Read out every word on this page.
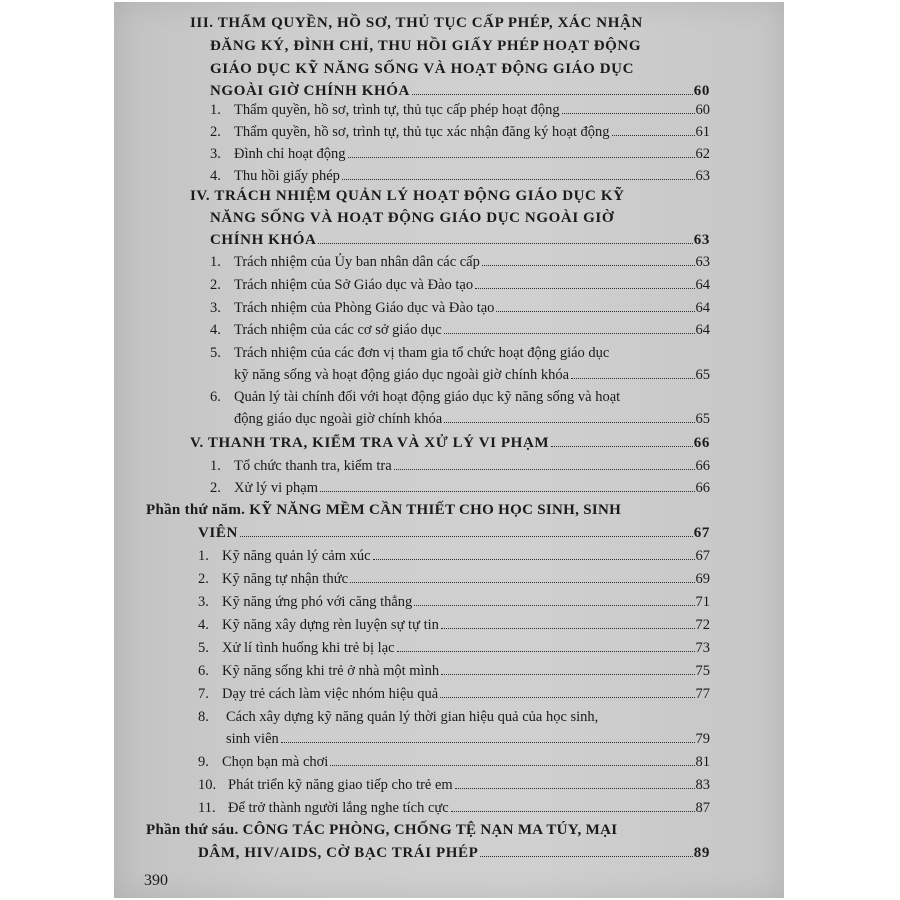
III. THẨM QUYỀN, HỒ SƠ, THỦ TỤC CẤP PHÉP, XÁC NHẬN
ĐĂNG KÝ, ĐÌNH CHỈ, THU HỒI GIẤY PHÉP HOẠT ĐỘNG
GIÁO DỤC KỸ NĂNG SỐNG VÀ HOẠT ĐỘNG GIÁO DỤC
NGOÀI GIỜ CHÍNH KHÓA	60
1. Thẩm quyền, hồ sơ, trình tự, thủ tục cấp phép hoạt động	60
2. Thẩm quyền, hồ sơ, trình tự, thủ tục xác nhận đăng ký hoạt động	61
3. Đình chỉ hoạt động	62
4. Thu hồi giấy phép	63
IV. TRÁCH NHIỆM QUẢN LÝ HOẠT ĐỘNG GIÁO DỤC KỸ
NĂNG SỐNG VÀ HOẠT ĐỘNG GIÁO DỤC NGOÀI GIỜ
CHÍNH KHÓA	63
1. Trách nhiệm của Ủy ban nhân dân các cấp	63
2. Trách nhiệm của Sở Giáo dục và Đào tạo	64
3. Trách nhiệm của Phòng Giáo dục và Đào tạo	64
4. Trách nhiệm của các cơ sở giáo dục	64
5. Trách nhiệm của các đơn vị tham gia tổ chức hoạt động giáo dục
kỹ năng sống và hoạt động giáo dục ngoài giờ chính khóa	65
6. Quản lý tài chính đối với hoạt động giáo dục kỹ năng sống và hoạt
động giáo dục ngoài giờ chính khóa	65
V. THANH TRA, KIỂM TRA VÀ XỬ LÝ VI PHẠM	66
1. Tổ chức thanh tra, kiểm tra	66
2. Xử lý vi phạm	66
Phần thứ năm. KỸ NĂNG MỀM CẦN THIẾT CHO HỌC SINH, SINH
VIÊN	67
1. Kỹ năng quản lý cảm xúc	67
2. Kỹ năng tự nhận thức	69
3. Kỹ năng ứng phó với căng thẳng	71
4. Kỹ năng xây dựng rèn luyện sự tự tin	72
5. Xử lí tình huống khi trẻ bị lạc	73
6. Kỹ năng sống khi trẻ ở nhà một mình	75
7. Dạy trẻ cách làm việc nhóm hiệu quả	77
8. Cách xây dựng kỹ năng quản lý thời gian hiệu quả của học sinh,
sinh viên	79
9. Chọn bạn mà chơi	81
10. Phát triển kỹ năng giao tiếp cho trẻ em	83
11. Để trở thành người lắng nghe tích cực	87
Phần thứ sáu. CÔNG TÁC PHÒNG, CHỐNG TỆ NẠN MA TÚY, MẠI
DÂM, HIV/AIDS, CỜ BẠC TRÁI PHÉP	89
390
